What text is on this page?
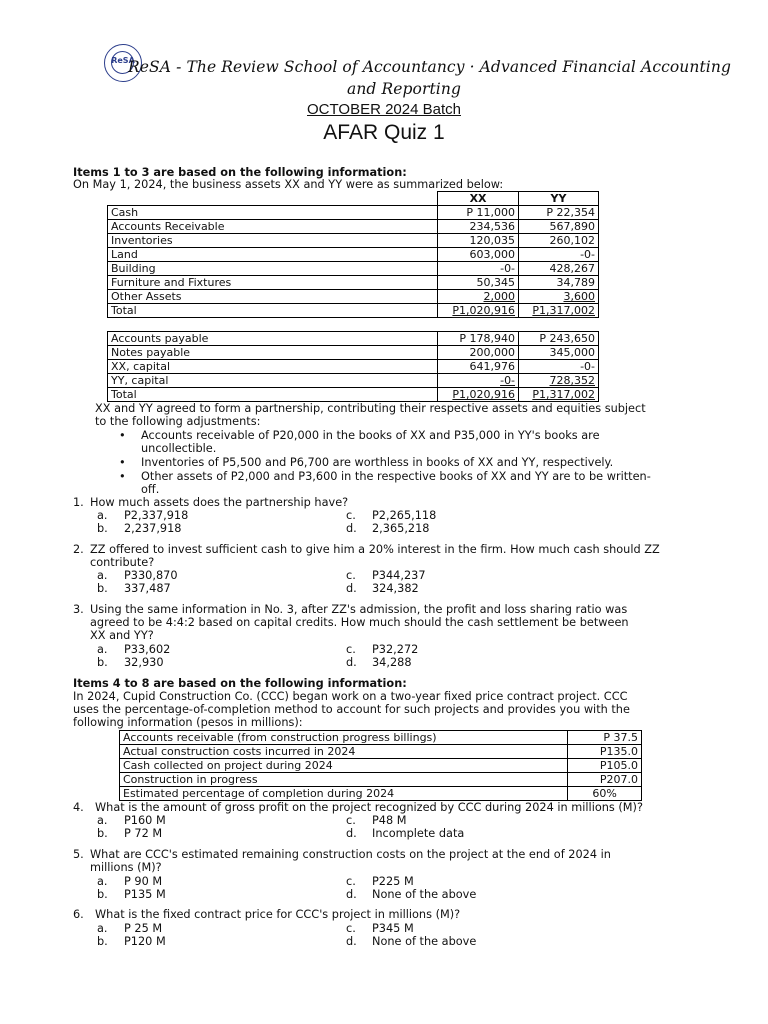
ReSA
ReSA - The Review School of Accountancy · Advanced Financial Accounting
and Reporting
OCTOBER 2024 Batch
AFAR Quiz 1
Items 1 to 3 are based on the following information:
On May 1, 2024, the business assets XX and YY were as summarized below:
	XX	YY
Cash	P 11,000	P 22,354
Accounts Receivable	234,536	567,890
Inventories	120,035	260,102
Land	603,000	-0-
Building	-0-	428,267
Furniture and Fixtures	50,345	34,789
Other Assets	2,000	3,600
Total	P1,020,916	P1,317,002
Accounts payable	P 178,940	P 243,650
Notes payable	200,000	345,000
XX, capital	641,976	-0-
YY, capital	-0-	728,352
Total	P1,020,916	P1,317,002
XX and YY agreed to form a partnership, contributing their respective assets and equities subject
to the following adjustments:
• Accounts receivable of P20,000 in the books of XX and P35,000 in YY's books are
uncollectible.
• Inventories of P5,500 and P6,700 are worthless in books of XX and YY, respectively.
• Other assets of P2,000 and P3,600 in the respective books of XX and YY are to be written-
off.
1. How much assets does the partnership have?
a. P2,337,918	c. P2,265,118
b. 2,237,918	d. 2,365,218
2. ZZ offered to invest sufficient cash to give him a 20% interest in the firm. How much cash should ZZ
contribute?
a. P330,870	c. P344,237
b. 337,487	d. 324,382
3. Using the same information in No. 3, after ZZ's admission, the profit and loss sharing ratio was
agreed to be 4:4:2 based on capital credits. How much should the cash settlement be between
XX and YY?
a. P33,602	c. P32,272
b. 32,930	d. 34,288
Items 4 to 8 are based on the following information:
In 2024, Cupid Construction Co. (CCC) began work on a two-year fixed price contract project. CCC
uses the percentage-of-completion method to account for such projects and provides you with the
following information (pesos in millions):
Accounts receivable (from construction progress billings)	P 37.5
Actual construction costs incurred in 2024	P135.0
Cash collected on project during 2024	P105.0
Construction in progress	P207.0
Estimated percentage of completion during 2024	60%
4. What is the amount of gross profit on the project recognized by CCC during 2024 in millions (M)?
a. P160 M	c. P48 M
b. P 72 M	d. Incomplete data
5. What are CCC's estimated remaining construction costs on the project at the end of 2024 in
millions (M)?
a. P 90 M	c. P225 M
b. P135 M	d. None of the above
6. What is the fixed contract price for CCC's project in millions (M)?
a. P 25 M	c. P345 M
b. P120 M	d. None of the above
